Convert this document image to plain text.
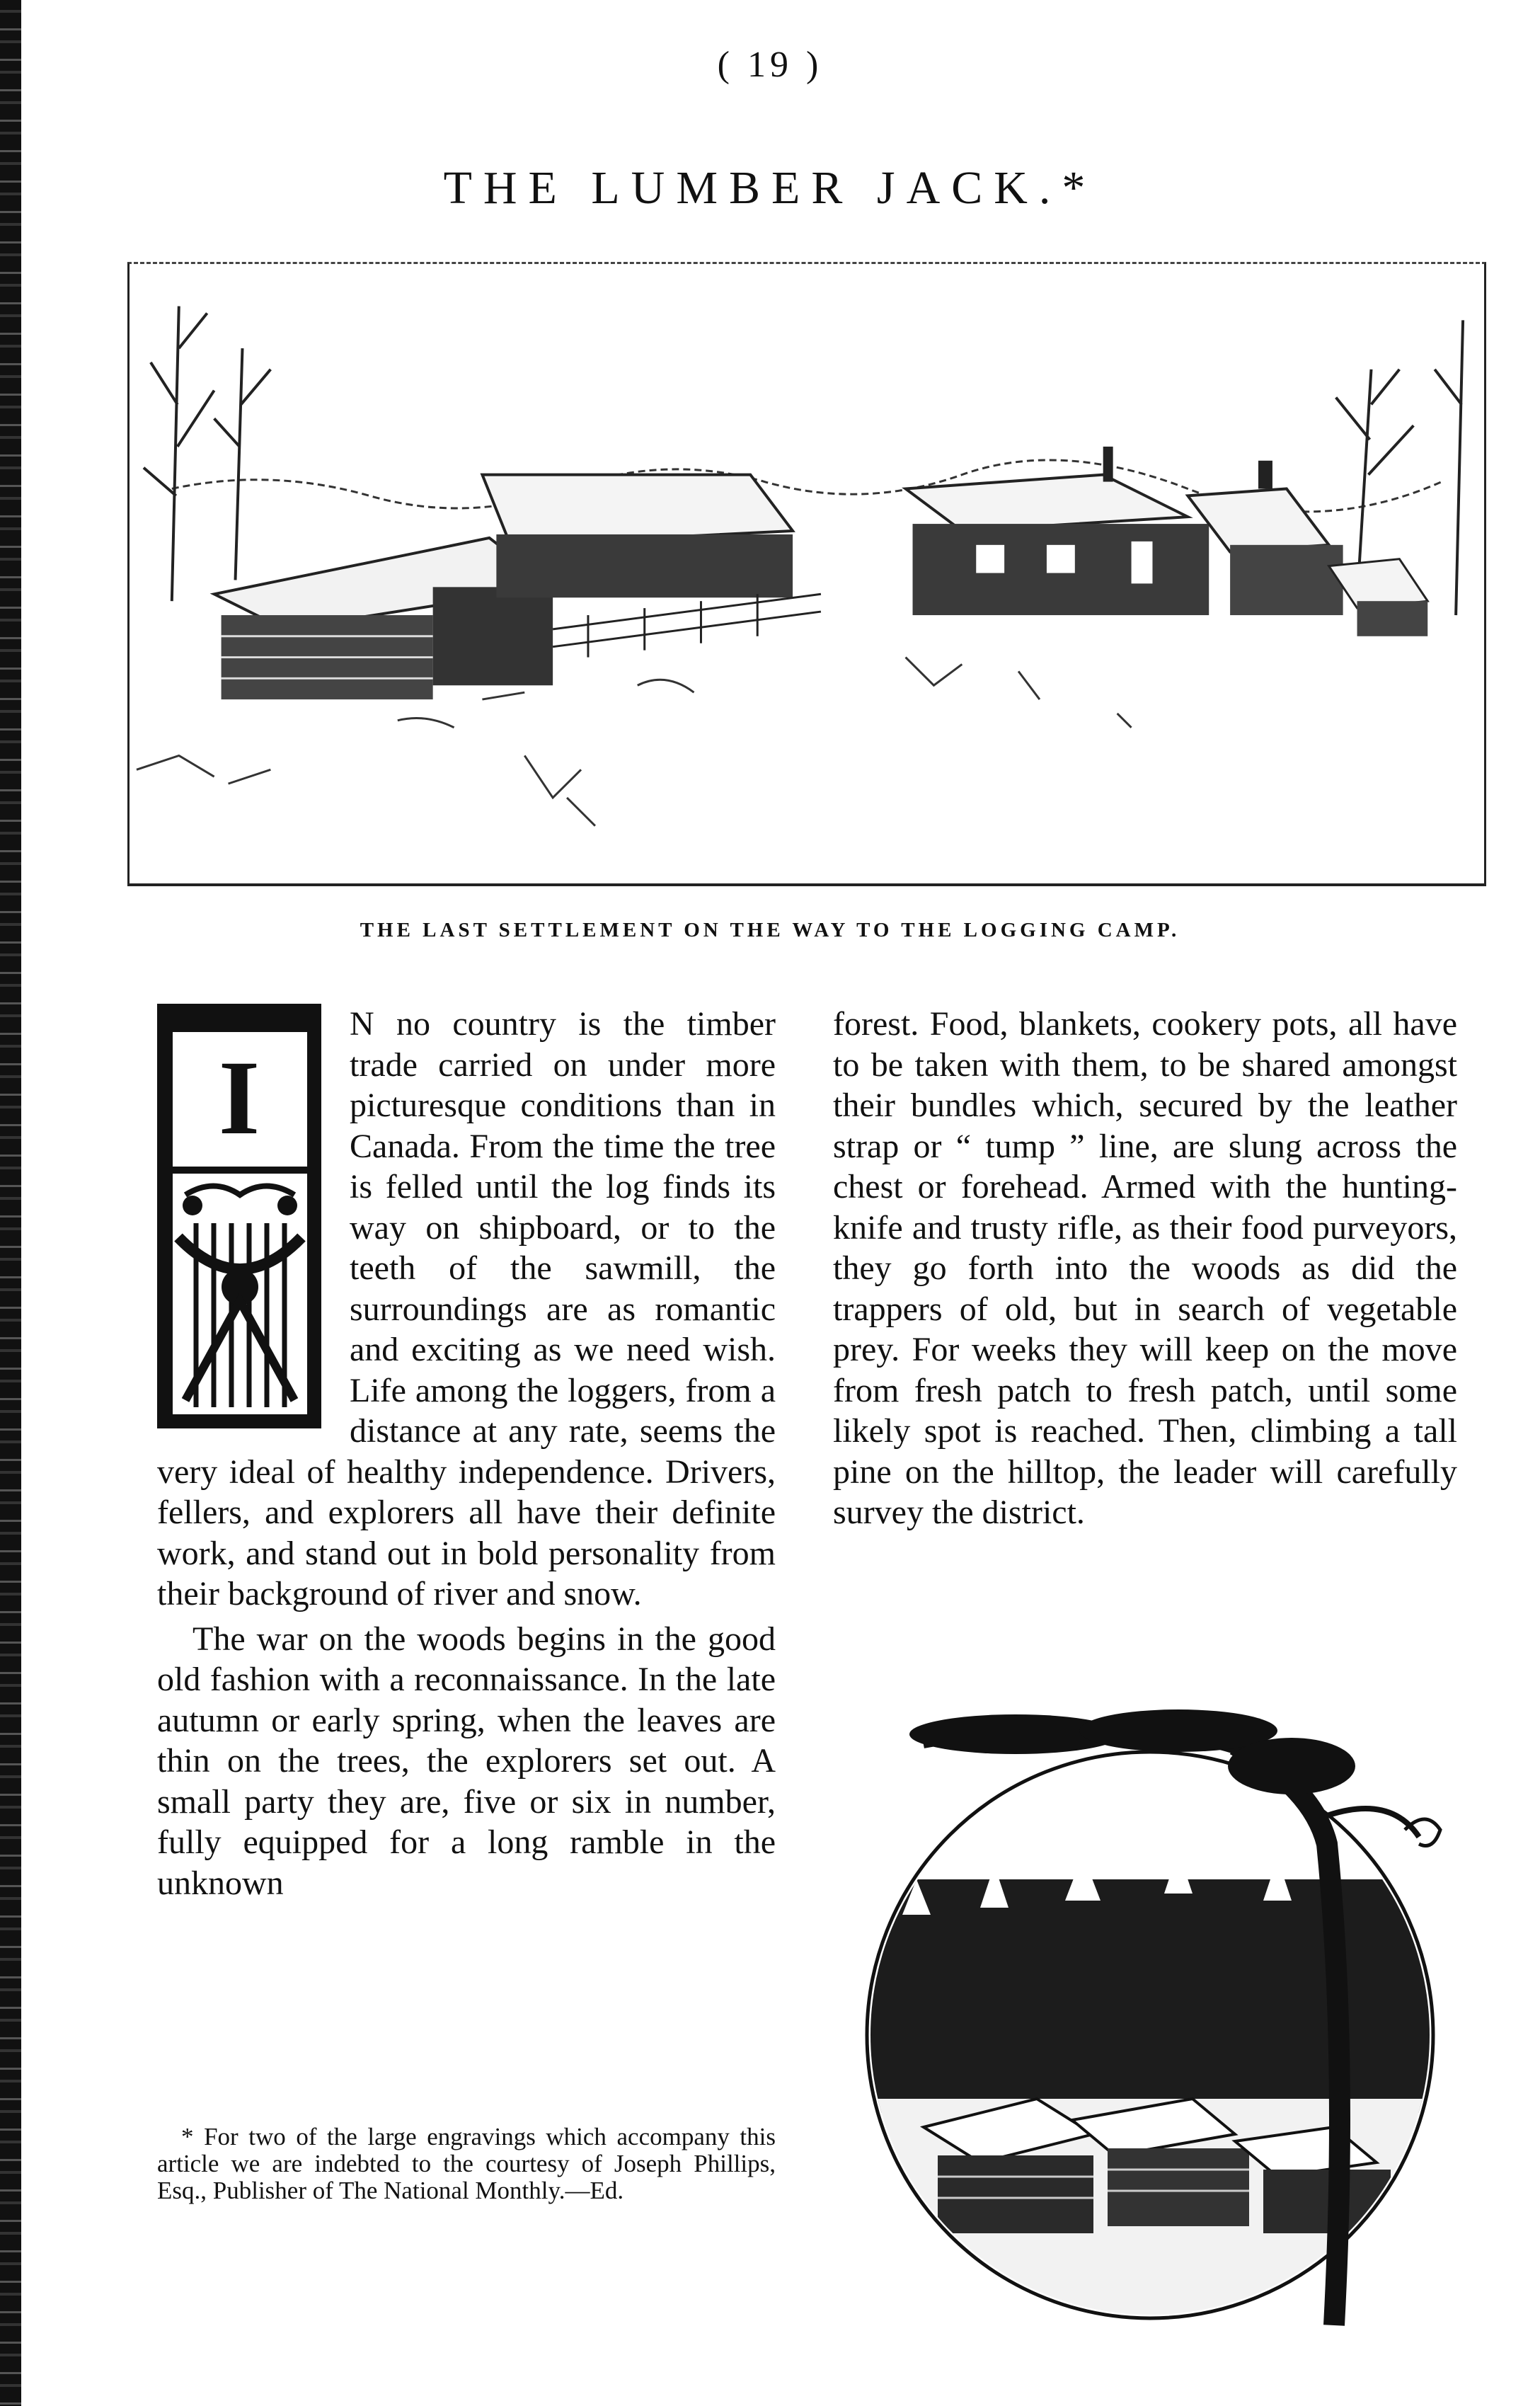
( 19 )
THE LUMBER JACK.*
THE LAST SETTLEMENT ON THE WAY TO THE LOGGING CAMP.

I
N no country is the timber trade carried on under more picturesque conditions than in Canada. From the time the tree is felled until the log finds its way on shipboard, or to the teeth of the sawmill, the surroundings are as romantic and exciting as we need wish. Life among the loggers, from a distance at any rate, seems the very ideal of healthy independence. Drivers, fellers, and explorers all have their definite work, and stand out in bold personality from their background of river and snow.

The war on the woods begins in the good old fashion with a reconnaissance. In the late autumn or early spring, when the leaves are thin on the trees, the explorers set out. A small party they are, five or six in number, fully equipped for a long ramble in the unknown

forest. Food, blankets, cookery pots, all have to be taken with them, to be shared amongst their bundles which, secured by the leather strap or “ tump ” line, are slung across the chest or forehead. Armed with the hunting-knife and trusty rifle, as their food purveyors, they go forth into the woods as did the trappers of old, but in search of vegetable prey. For weeks they will keep on the move from fresh patch to fresh patch, until some likely spot is reached. Then, climbing a tall pine on the hilltop, the leader will carefully survey the district.

* For two of the large engravings which accompany this article we are indebted to the courtesy of Joseph Phillips, Esq., Publisher of The National Monthly.—Ed.
